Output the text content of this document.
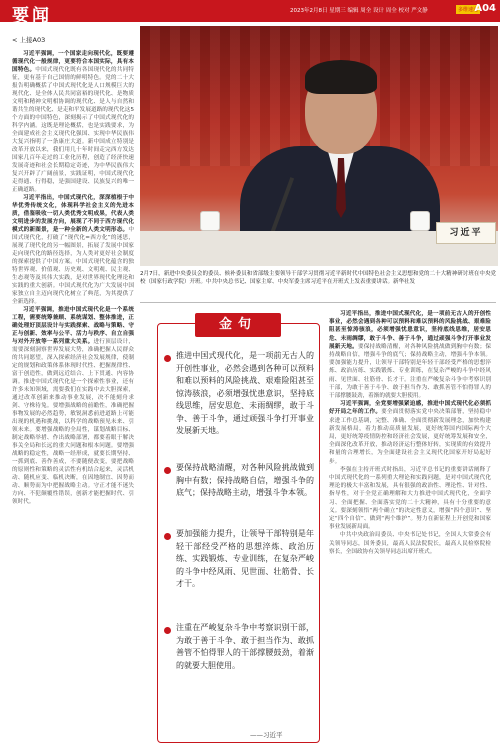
要闻	2023年2月8日 星期三 编辑 周全 设计 周全 校对 严文静	多维速递
A04
< 上接A03

习近平强调，一个国家走向现代化，既要遵循现代化一般规律，更要符合本国实际，具有本国特色。中国式现代化既有各国现代化的共同特征，更有基于自己国情的鲜明特色。党的二十大报告明确概括了中国式现代化是人口规模巨大的现代化、是全体人民共同富裕的现代化、是物质文明和精神文明相协调的现代化、是人与自然和谐共生的现代化、是走和平发展道路的现代化这5个方面的中国特色，深刻揭示了中国式现代化的科学内涵。这既是理论概括，也是实践要求，为全面建成社会主义现代化强国、实现中华民族伟大复兴指明了一条康庄大道。新中国成立特别是改革开放以来，我们用几十年时间走完西方发达国家几百年走过的工业化历程，创造了经济快速发展奇迹和社会长期稳定奇迹，为中华民族伟大复兴开辟了广阔前景，实践证明，中国式现代化走得通、行得稳，是强国建设、民族复兴的唯一正确道路。

习近平指出，中国式现代化，深深植根于中华优秀传统文化，体现科学社会主义的先进本质，借鉴吸收一切人类优秀文明成果，代表人类文明进步的发展方向，展现了不同于西方现代化模式的新图景，是一种全新的人类文明形态。中国式现代化，打破了“现代化=西方化”的迷思，展现了现代化的另一幅图景，拓展了发展中国家走向现代化的路径选择，为人类对更好社会制度的探索提供了中国方案。中国式现代化蕴含的独特世界观、价值观、历史观、文明观、民主观、生态观等及其伟大实践，是对世界现代化理论和实践的重大创新。中国式现代化为广大发展中国家独立自主迈向现代化树立了典范，为其提供了全新选择。

习近平强调，推进中国式现代化是一个系统工程，需要统筹兼顾、系统谋划、整体推进，正确处理好顶层设计与实践探索、战略与策略、守正与创新、效率与公平、活力与秩序、自立自强与对外开放等一系列重大关系。进行顶层设计，需要深刻洞察世界发展大势，准确把握人民群众的共同愿望，深入探索经济社会发展规律，使制定的规划和政策体系体现时代性、把握规律性、富于创造性，做到远近结合、上下贯通、内容协调。推进中国式现代化是一个探索性事业，还有许多未知领域，需要我们在实践中去大胆探索，通过改革创新来推动事业发展，决不能刻舟求剑、守株待兔。要增强战略的前瞻性，准确把握事物发展的必然趋势，敏锐洞悉前进道路上可能出现的机遇和挑战，以科学的战略预见未来、引领未来。要增强战略的全局性，谋划战略目标、制定战略举措、作出战略部署，都要着眼于解决事关全局和长远的重大问题和根本问题。要增强战略的稳定性，战略一经形成，就要长期坚持、一抓到底、善作善成，不要随便改变，要把战略的原则性和策略的灵活性有机结合起来，灵活机动、随机应变、临机决断，在因地制宜、因势而动、顺势而为中把握战略主动。守正才能不迷失方向、不犯颠覆性错误，创新才能把握时代、引领时代。

习近平
2月7日，新进中央委员会的委员、候补委员和省部级主要领导干部学习贯彻习近平新时代中国特色社会主义思想和党的二十大精神研讨班在中央党校（国家行政学院）开班。中共中央总书记、国家主席、中央军委主席习近平在开班式上发表重要讲话。新华社发
金句
推进中国式现代化，是一项前无古人的开创性事业，必然会遇到各种可以预料和难以预料的风险挑战、艰难险阻甚至惊涛骇浪，必须增强忧患意识，坚持底线思维，居安思危、未雨绸缪，敢于斗争、善于斗争，通过顽强斗争打开事业发展新天地。
要保持战略清醒，对各种风险挑战做到胸中有数；保持战略自信，增强斗争的底气；保持战略主动，增强斗争本领。
要加强能力提升，让领导干部特别是年轻干部经受严格的思想淬炼、政治历练、实践锻炼、专业训练，在复杂严峻的斗争中经风雨、见世面、壮筋骨、长才干。
注重在严峻复杂斗争中考察识别干部，为敢于善于斗争、敢于担当作为、敢抓善管不怕得罪人的干部撑腰鼓劲，着渐的就要大胆使用。
——习近平

习近平指出，推进中国式现代化，是一项前无古人的开创性事业，必然会遇到各种可以预料和难以预料的风险挑战、艰难险阻甚至惊涛骇浪，必须增强忧患意识，坚持底线思维，居安思危、未雨绸缪，敢于斗争、善于斗争，通过顽强斗争打开事业发展新天地。要保持战略清醒，对各种风险挑战做到胸中有数；保持战略自信，增强斗争的底气；保持战略主动，增强斗争本领。要加强能力提升，让领导干部特别是年轻干部经受严格的思想淬炼、政治历练、实践锻炼、专业训练，在复杂严峻的斗争中经风雨、见世面、壮筋骨、长才干。注重在严峻复杂斗争中考察识别干部，为敢于善于斗争、敢于担当作为、敢抓善管不怕得罪人的干部撑腰鼓劲，着渐的就要大胆使用。

习近平强调，全党要增强紧迫感，推进中国式现代化必须抓好开局之年的工作。要全面贯彻落实党中央决策部署，坚持稳中求进工作总基调，完整、准确、全面贯彻新发展理念，加快构建新发展格局，着力推动高质量发展，更好统筹国内国际两个大局，更好统筹疫情防控和经济社会发展，更好统筹发展和安全，全面深化改革开放，推动经济运行整体好转，实现质的有效提升和量的合理增长，为全面建设社会主义现代化国家开好局起好步。

李强在主持开班式时指出，习近平总书记的重要讲话阐释了中国式现代化的一系列重大理论和实践问题，是对中国式现代化理论的极大丰富和发展，具有很强的政治性、理论性、针对性、指导性，对于全党正确理解和大力推进中国式现代化，全面学习、全面把握、全面落实党的二十大精神，具有十分重要的意义。要深刻领悟“两个确立”的决定性意义，增强“四个意识”、坚定“四个自信”、做到“两个维护”。努力在新征程上开创党和国家事业发展新局面。

中共中央政治局委员、中央书记处书记，全国人大常委会有关领导同志，国务委员，最高人民法院院长，最高人民检察院检察长，全国政协有关领导同志出席开班式。
